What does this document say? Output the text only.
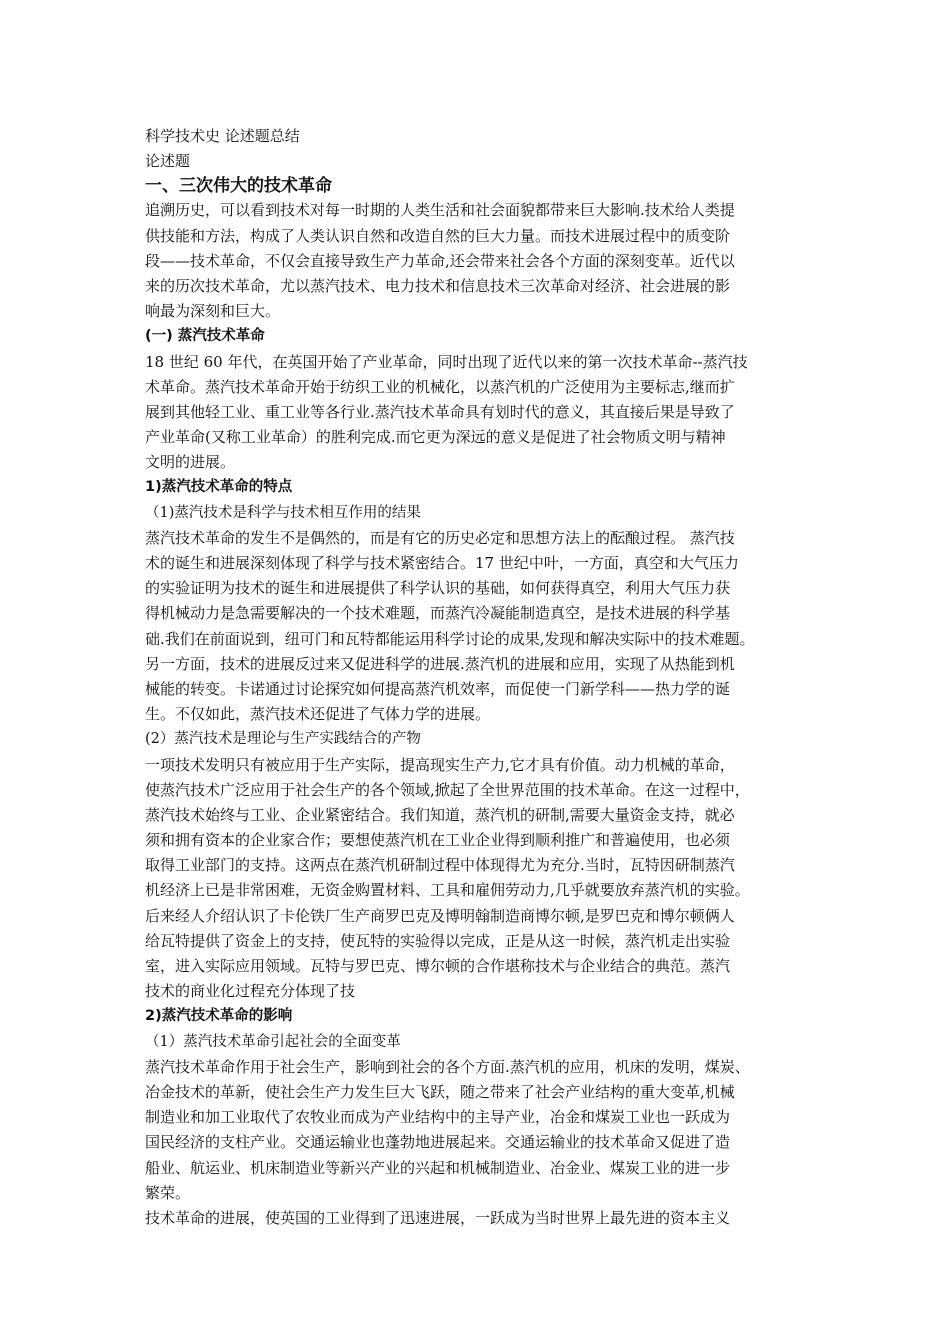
科学技术史 论述题总结
论述题
一、三次伟大的技术革命
追溯历史，可以看到技术对每一时期的人类生活和社会面貌都带来巨大影响.技术给人类提
供技能和方法，构成了人类认识自然和改造自然的巨大力量。而技术进展过程中的质变阶
段——技术革命，不仅会直接导致生产力革命,还会带来社会各个方面的深刻变革。近代以
来的历次技术革命，尤以蒸汽技术、电力技术和信息技术三次革命对经济、社会进展的影
响最为深刻和巨大。
(一) 蒸汽技术革命
18 世纪 60 年代，在英国开始了产业革命，同时出现了近代以来的第一次技术革命--蒸汽技
术革命。蒸汽技术革命开始于纺织工业的机械化，以蒸汽机的广泛使用为主要标志,继而扩
展到其他轻工业、重工业等各行业.蒸汽技术革命具有划时代的意义，其直接后果是导致了
产业革命(又称工业革命）的胜利完成.而它更为深远的意义是促进了社会物质文明与精神
文明的进展。
1)蒸汽技术革命的特点
（1)蒸汽技术是科学与技术相互作用的结果
蒸汽技术革命的发生不是偶然的，而是有它的历史必定和思想方法上的酝酿过程。 蒸汽技
术的诞生和进展深刻体现了科学与技术紧密结合。17 世纪中叶，一方面，真空和大气压力
的实验证明为技术的诞生和进展提供了科学认识的基础，如何获得真空，利用大气压力获
得机械动力是急需要解决的一个技术难题，而蒸汽冷凝能制造真空，是技术进展的科学基
础.我们在前面说到，纽可门和瓦特都能运用科学讨论的成果,发现和解决实际中的技术难题。
另一方面，技术的进展反过来又促进科学的进展.蒸汽机的进展和应用，实现了从热能到机
械能的转变。卡诺通过讨论探究如何提高蒸汽机效率，而促使一门新学科——热力学的诞
生。不仅如此，蒸汽技术还促进了气体力学的进展。
(2）蒸汽技术是理论与生产实践结合的产物
一项技术发明只有被应用于生产实际，提高现实生产力,它才具有价值。动力机械的革命，
使蒸汽技术广泛应用于社会生产的各个领域,掀起了全世界范围的技术革命。在这一过程中，
蒸汽技术始终与工业、企业紧密结合。我们知道，蒸汽机的研制,需要大量资金支持，就必
须和拥有资本的企业家合作；要想使蒸汽机在工业企业得到顺利推广和普遍使用，也必须
取得工业部门的支持。这两点在蒸汽机研制过程中体现得尤为充分.当时，瓦特因研制蒸汽
机经济上已是非常困难，无资金购置材料、工具和雇佣劳动力,几乎就要放弃蒸汽机的实验。
后来经人介绍认识了卡伦铁厂生产商罗巴克及博明翰制造商博尔顿,是罗巴克和博尔顿俩人
给瓦特提供了资金上的支持，使瓦特的实验得以完成，正是从这一时候，蒸汽机走出实验
室，进入实际应用领域。瓦特与罗巴克、博尔顿的合作堪称技术与企业结合的典范。蒸汽
技术的商业化过程充分体现了技
2)蒸汽技术革命的影响
（1）蒸汽技术革命引起社会的全面变革
蒸汽技术革命作用于社会生产，影响到社会的各个方面.蒸汽机的应用，机床的发明，煤炭、
冶金技术的革新，使社会生产力发生巨大飞跃，随之带来了社会产业结构的重大变革,机械
制造业和加工业取代了农牧业而成为产业结构中的主导产业，冶金和煤炭工业也一跃成为
国民经济的支柱产业。交通运输业也蓬勃地进展起来。交通运输业的技术革命又促进了造
船业、航运业、机床制造业等新兴产业的兴起和机械制造业、冶金业、煤炭工业的进一步
繁荣。
技术革命的进展，使英国的工业得到了迅速进展，一跃成为当时世界上最先进的资本主义
